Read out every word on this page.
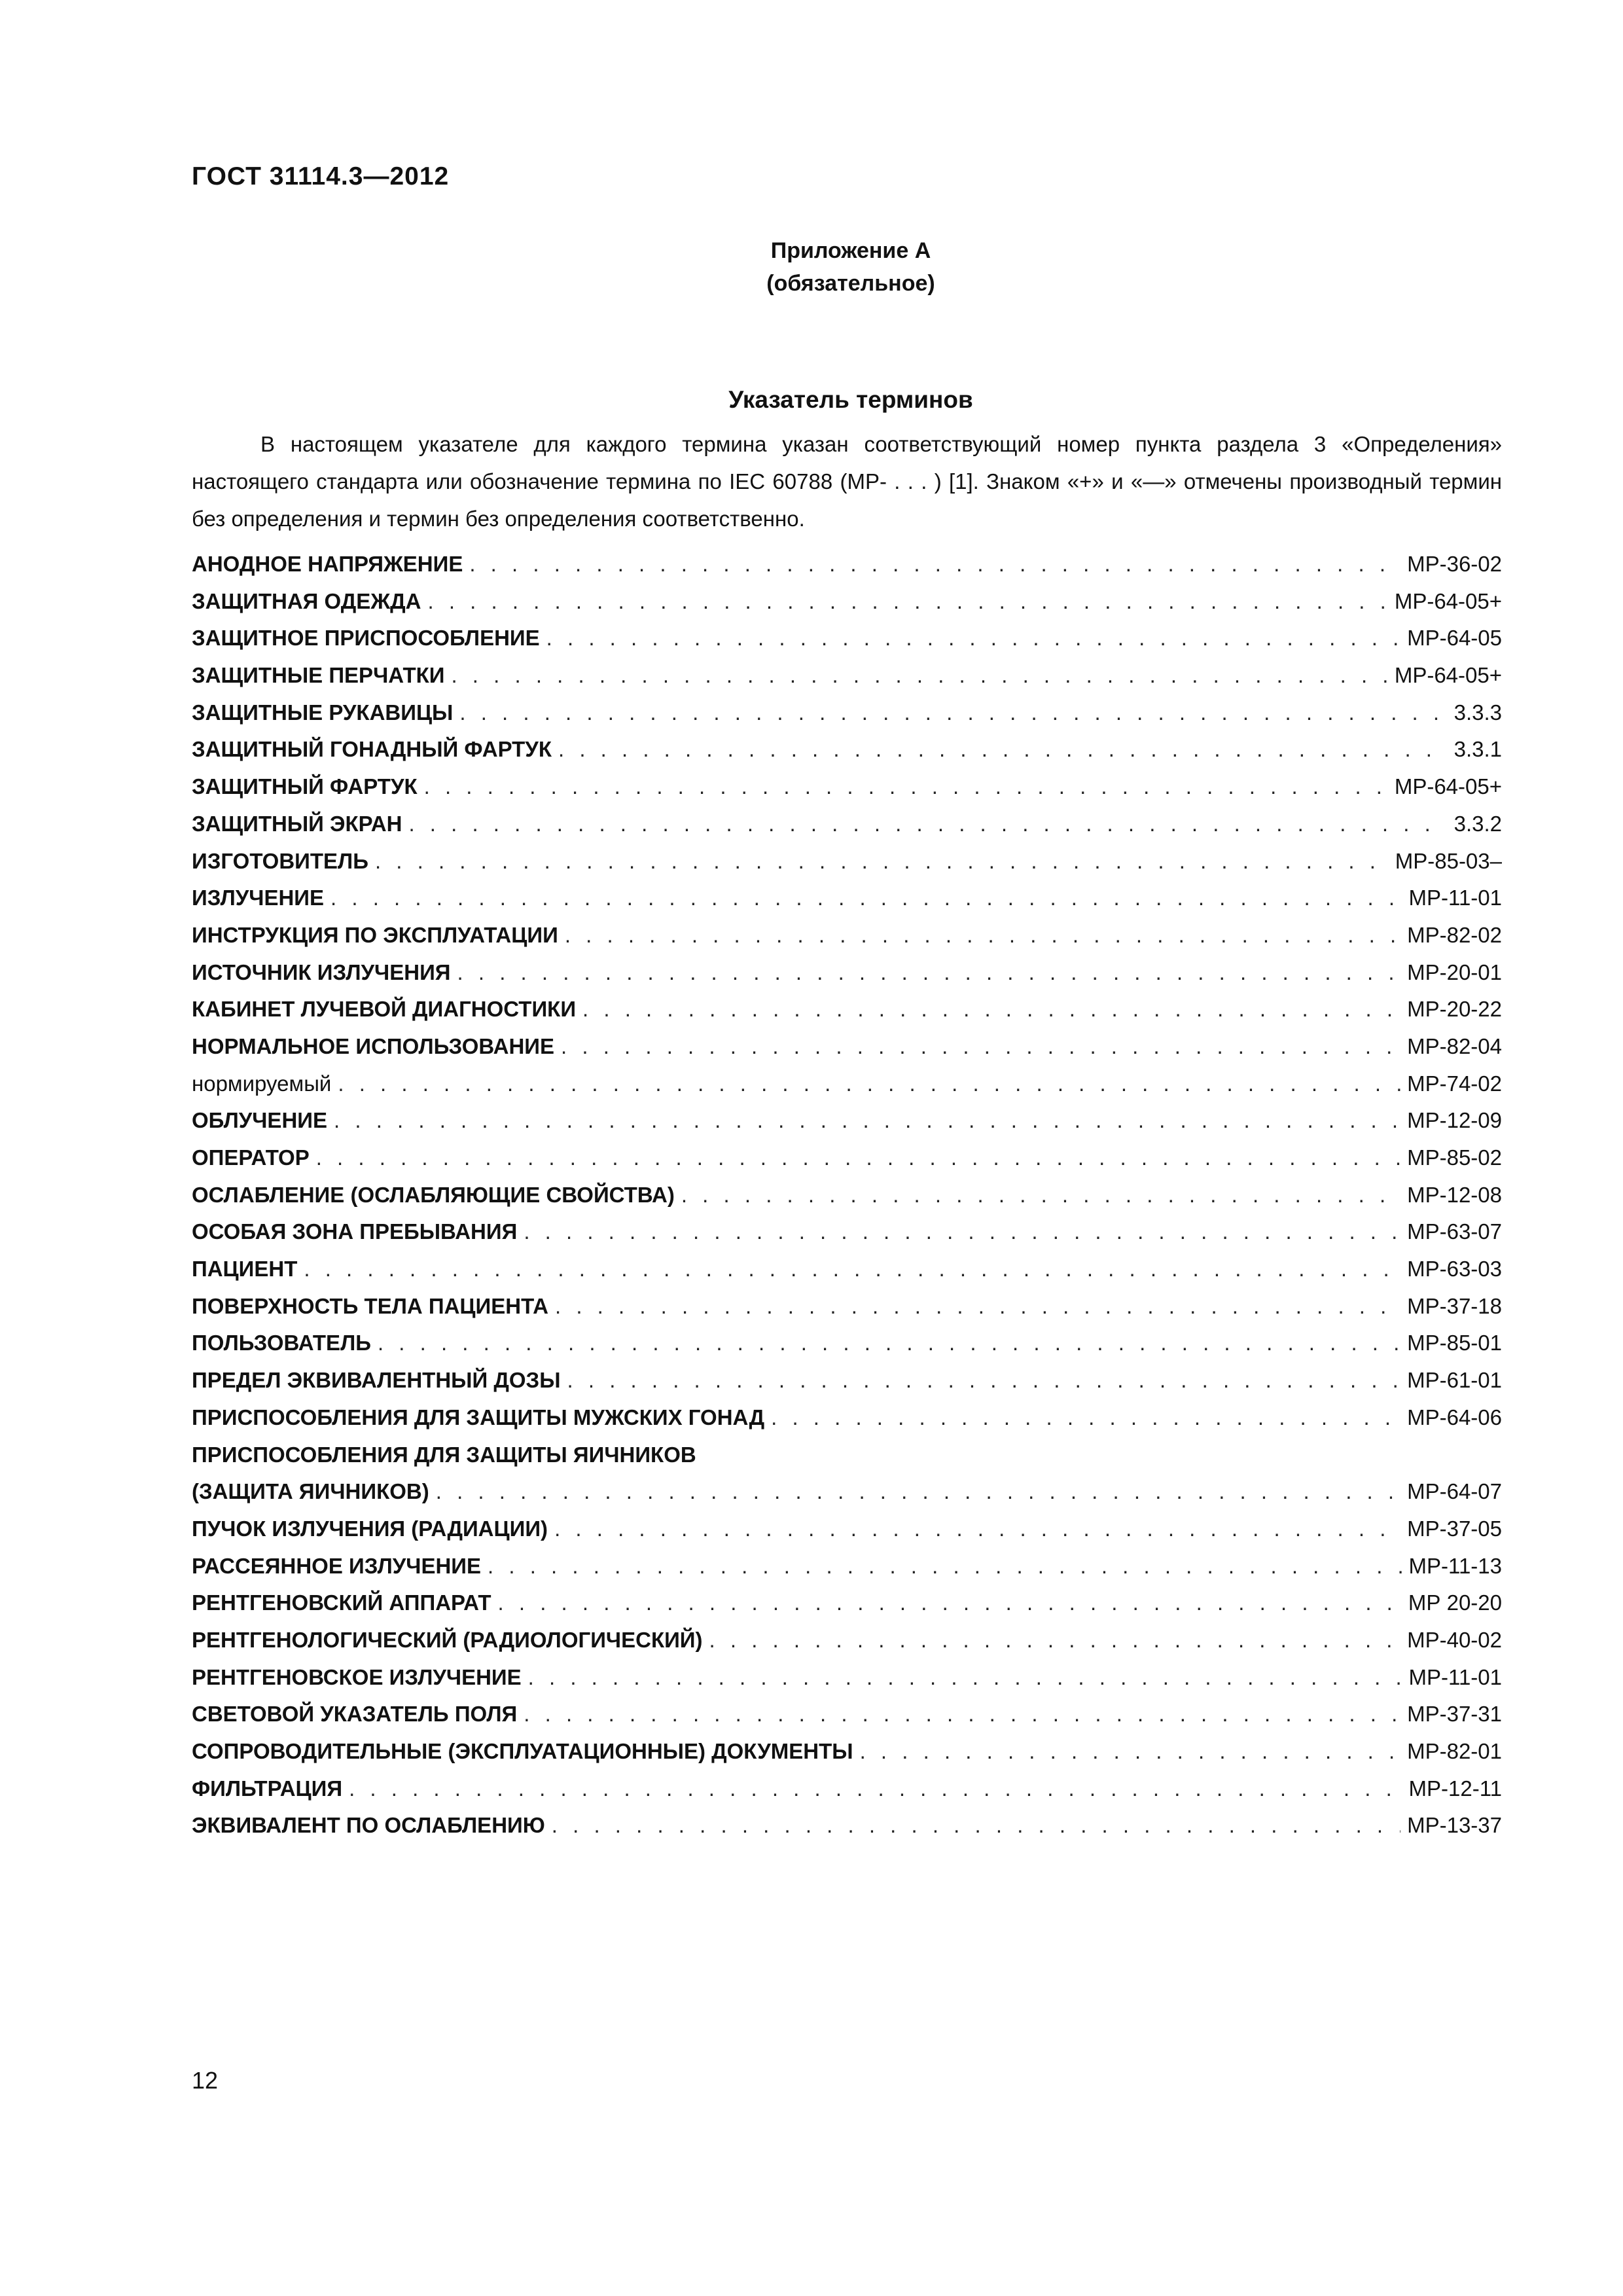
ГОСТ 31114.3—2012
Приложение А
(обязательное)
Указатель терминов

В настоящем указателе для каждого термина указан соответствующий номер пункта раздела 3 «Определения» настоящего стандарта или обозначение термина по IEC 60788 (МР- . . . ) [1]. Знаком «+» и «—» отмечены производный термин без определения и термин без определения соответственно.

АНОДНОЕ НАПРЯЖЕНИЕ . . .	МР-36-02
ЗАЩИТНАЯ ОДЕЖДА . . .	МР-64-05+
ЗАЩИТНОЕ ПРИСПОСОБЛЕНИЕ . . .	МР-64-05
ЗАЩИТНЫЕ ПЕРЧАТКИ . . .	МР-64-05+
ЗАЩИТНЫЕ РУКАВИЦЫ . . .	3.3.3
ЗАЩИТНЫЙ ГОНАДНЫЙ ФАРТУК . . .	3.3.1
ЗАЩИТНЫЙ ФАРТУК . . .	МР-64-05+
ЗАЩИТНЫЙ ЭКРАН . . .	3.3.2
ИЗГОТОВИТЕЛЬ . . .	МР-85-03–
ИЗЛУЧЕНИЕ . . .	МР-11-01
ИНСТРУКЦИЯ ПО ЭКСПЛУАТАЦИИ . . .	МР-82-02
ИСТОЧНИК ИЗЛУЧЕНИЯ . . .	МР-20-01
КАБИНЕТ ЛУЧЕВОЙ ДИАГНОСТИКИ . . .	МР-20-22
НОРМАЛЬНОЕ ИСПОЛЬЗОВАНИЕ . . .	МР-82-04
нормируемый . . .	МР-74-02
ОБЛУЧЕНИЕ . . .	МР-12-09
ОПЕРАТОР . . .	МР-85-02
ОСЛАБЛЕНИЕ (ОСЛАБЛЯЮЩИЕ СВОЙСТВА) . . .	МР-12-08
ОСОБАЯ ЗОНА ПРЕБЫВАНИЯ . . .	МР-63-07
ПАЦИЕНТ . . .	МР-63-03
ПОВЕРХНОСТЬ ТЕЛА ПАЦИЕНТА . . .	МР-37-18
ПОЛЬЗОВАТЕЛЬ . . .	МР-85-01
ПРЕДЕЛ ЭКВИВАЛЕНТНЫЙ ДОЗЫ . . .	МР-61-01
ПРИСПОСОБЛЕНИЯ ДЛЯ ЗАЩИТЫ МУЖСКИХ ГОНАД . . .	МР-64-06
ПРИСПОСОБЛЕНИЯ ДЛЯ ЗАЩИТЫ ЯИЧНИКОВ
(ЗАЩИТА ЯИЧНИКОВ) . . .	МР-64-07
ПУЧОК ИЗЛУЧЕНИЯ (РАДИАЦИИ) . . .	МР-37-05
РАССЕЯННОЕ ИЗЛУЧЕНИЕ . . .	МР-11-13
РЕНТГЕНОВСКИЙ АППАРАТ . . .	МР 20-20
РЕНТГЕНОЛОГИЧЕСКИЙ (РАДИОЛОГИЧЕСКИЙ) . . .	МР-40-02
РЕНТГЕНОВСКОЕ ИЗЛУЧЕНИЕ . . .	МР-11-01
СВЕТОВОЙ УКАЗАТЕЛЬ ПОЛЯ . . .	МР-37-31
СОПРОВОДИТЕЛЬНЫЕ (ЭКСПЛУАТАЦИОННЫЕ) ДОКУМЕНТЫ . . .	МР-82-01
ФИЛЬТРАЦИЯ . . .	МР-12-11
ЭКВИВАЛЕНТ ПО ОСЛАБЛЕНИЮ . . .	МР-13-37
12
